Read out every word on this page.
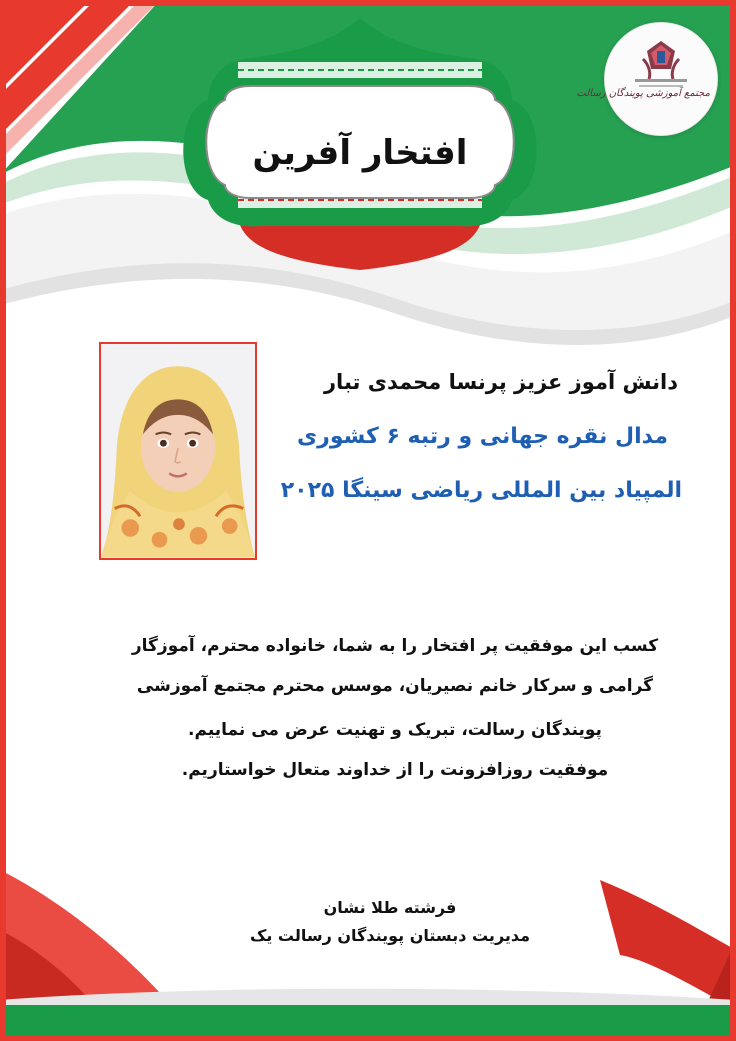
مجتمع آموزشی پویندگان رسالت
افتخار آفرین
دانش آموز عزیز پرنسا محمدی تبار
مدال نقره جهانی و رتبه ۶ کشوری
المپیاد بین المللی ریاضی سینگا ۲۰۲۵
کسب این موفقیت پر افتخار را به شما، خانواده محترم، آموزگار
گرامی و سرکار خانم نصیریان، موسس محترم مجتمع آموزشی
پویندگان رسالت، تبریک و تهنیت عرض می نماییم.
موفقیت روزافزونت را از خداوند متعال خواستاریم.
فرشته طلا نشان
مدیریت دبستان پویندگان رسالت یک
